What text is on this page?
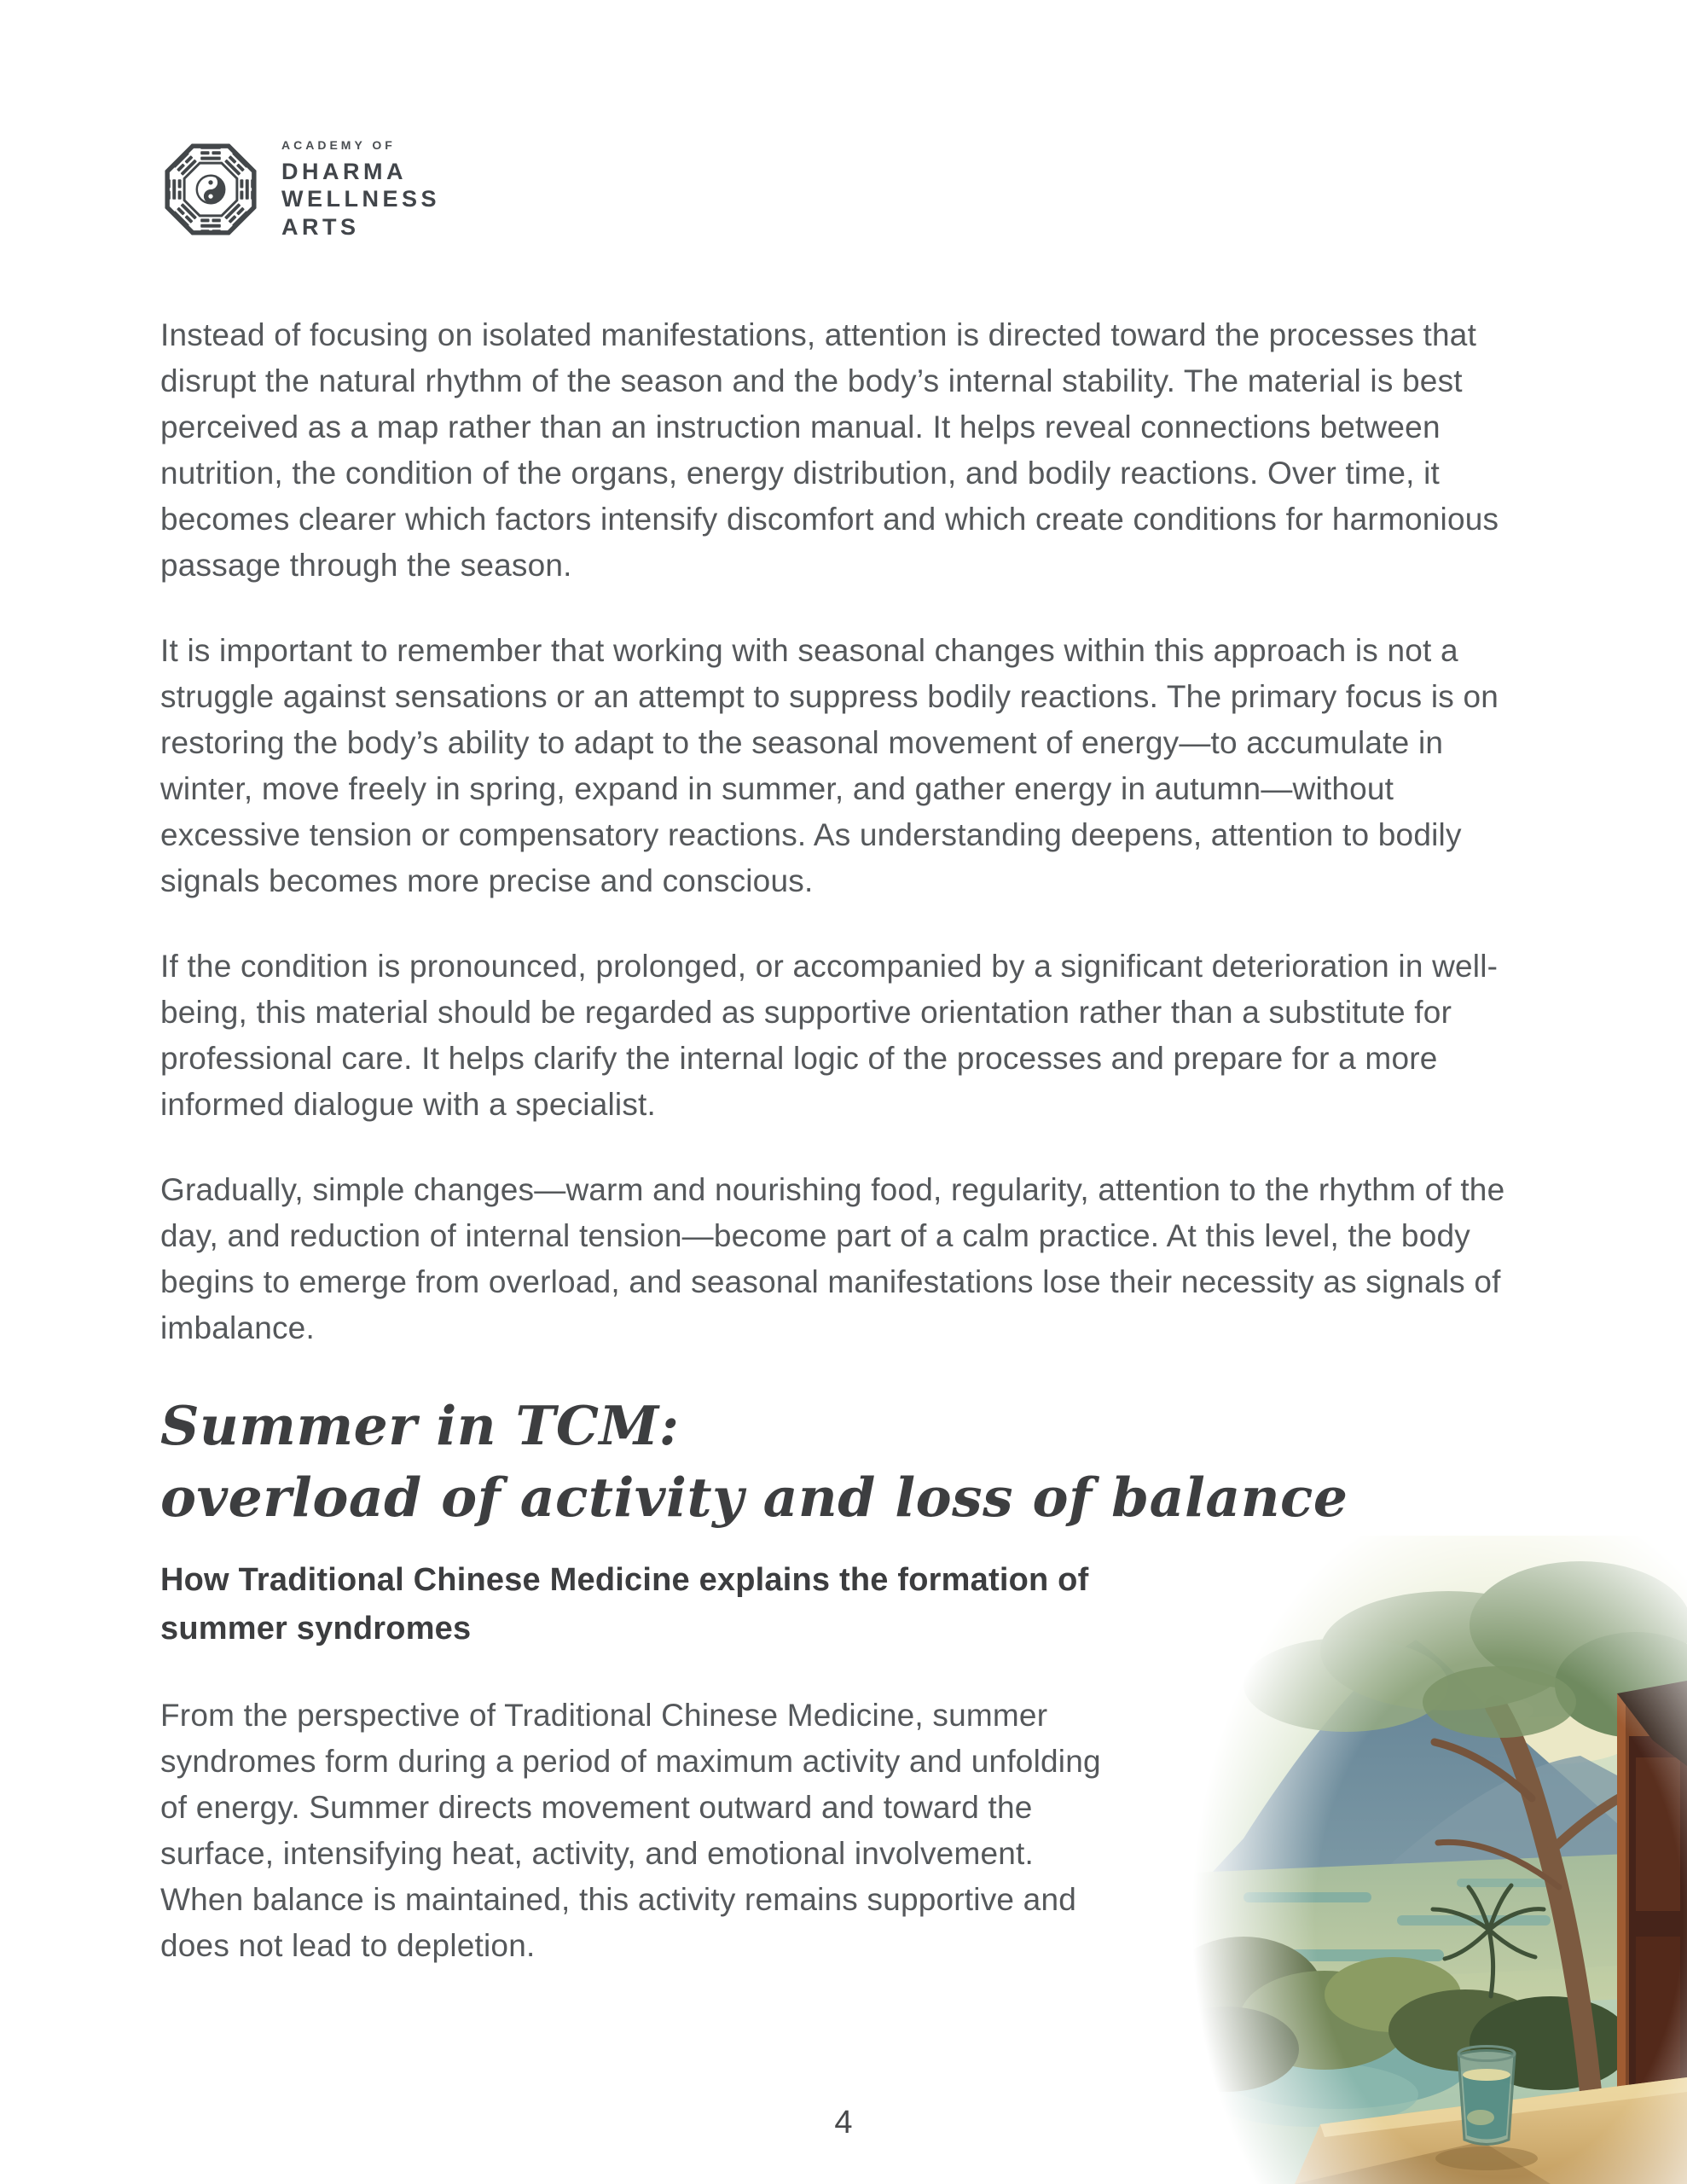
ACADEMY OF
DHARMA
WELLNESS
ARTS

Instead of focusing on isolated manifestations, attention is directed toward the processes that disrupt the natural rhythm of the season and the body’s internal stability. The material is best perceived as a map rather than an instruction manual. It helps reveal connections between nutrition, the condition of the organs, energy distribution, and bodily reactions. Over time, it becomes clearer which factors intensify discomfort and which create conditions for harmonious passage through the season.

It is important to remember that working with seasonal changes within this approach is not a struggle against sensations or an attempt to suppress bodily reactions. The primary focus is on restoring the body’s ability to adapt to the seasonal movement of energy—to accumulate in winter, move freely in spring, expand in summer, and gather energy in autumn—without excessive tension or compensatory reactions. As understanding deepens, attention to bodily signals becomes more precise and conscious.

If the condition is pronounced, prolonged, or accompanied by a significant deterioration in well-being, this material should be regarded as supportive orientation rather than a substitute for professional care. It helps clarify the internal logic of the processes and prepare for a more informed dialogue with a specialist.

Gradually, simple changes—warm and nourishing food, regularity, attention to the rhythm of the day, and reduction of internal tension—become part of a calm practice. At this level, the body begins to emerge from overload, and seasonal manifestations lose their necessity as signals of imbalance.

Summer in TCM:
overload of activity and loss of balance
How Traditional Chinese Medicine explains the formation of
summer syndromes

From the perspective of Traditional Chinese Medicine, summer syndromes form during a period of maximum activity and unfolding of energy. Summer directs movement outward and toward the surface, intensifying heat, activity, and emotional involvement. When balance is maintained, this activity remains supportive and does not lead to depletion.

4
